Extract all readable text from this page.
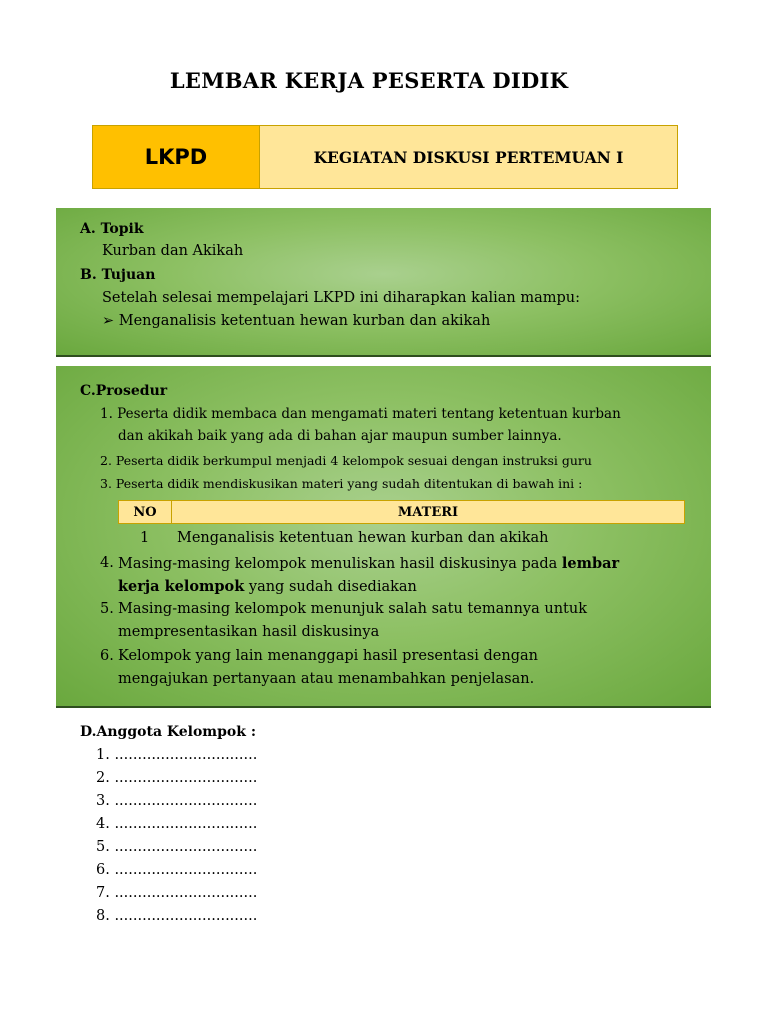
LEMBAR KERJA PESERTA DIDIK
LKPD	KEGIATAN DISKUSI PERTEMUAN I
A. Topik
Kurban dan Akikah
B. Tujuan
Setelah selesai mempelajari LKPD ini diharapkan kalian mampu:
➢ Menganalisis ketentuan hewan kurban dan akikah
C.Prosedur
1. Peserta didik membaca dan mengamati materi tentang ketentuan kurban
dan akikah baik yang ada di bahan ajar maupun sumber lainnya.
2. Peserta didik berkumpul menjadi 4 kelompok sesuai dengan instruksi guru
3. Peserta didik mendiskusikan materi yang sudah ditentukan di bawah ini :
NO	MATERI
1 Menganalisis ketentuan hewan kurban dan akikah
4. Masing-masing kelompok menuliskan hasil diskusinya pada lembar
kerja kelompok yang sudah disediakan
5. Masing-masing kelompok menunjuk salah satu temannya untuk
mempresentasikan hasil diskusinya
6. Kelompok yang lain menanggapi hasil presentasi dengan
mengajukan pertanyaan atau menambahkan penjelasan.
D.Anggota Kelompok :
1. ...............................
2. ...............................
3. ...............................
4. ...............................
5. ...............................
6. ...............................
7. ...............................
8. ...............................
